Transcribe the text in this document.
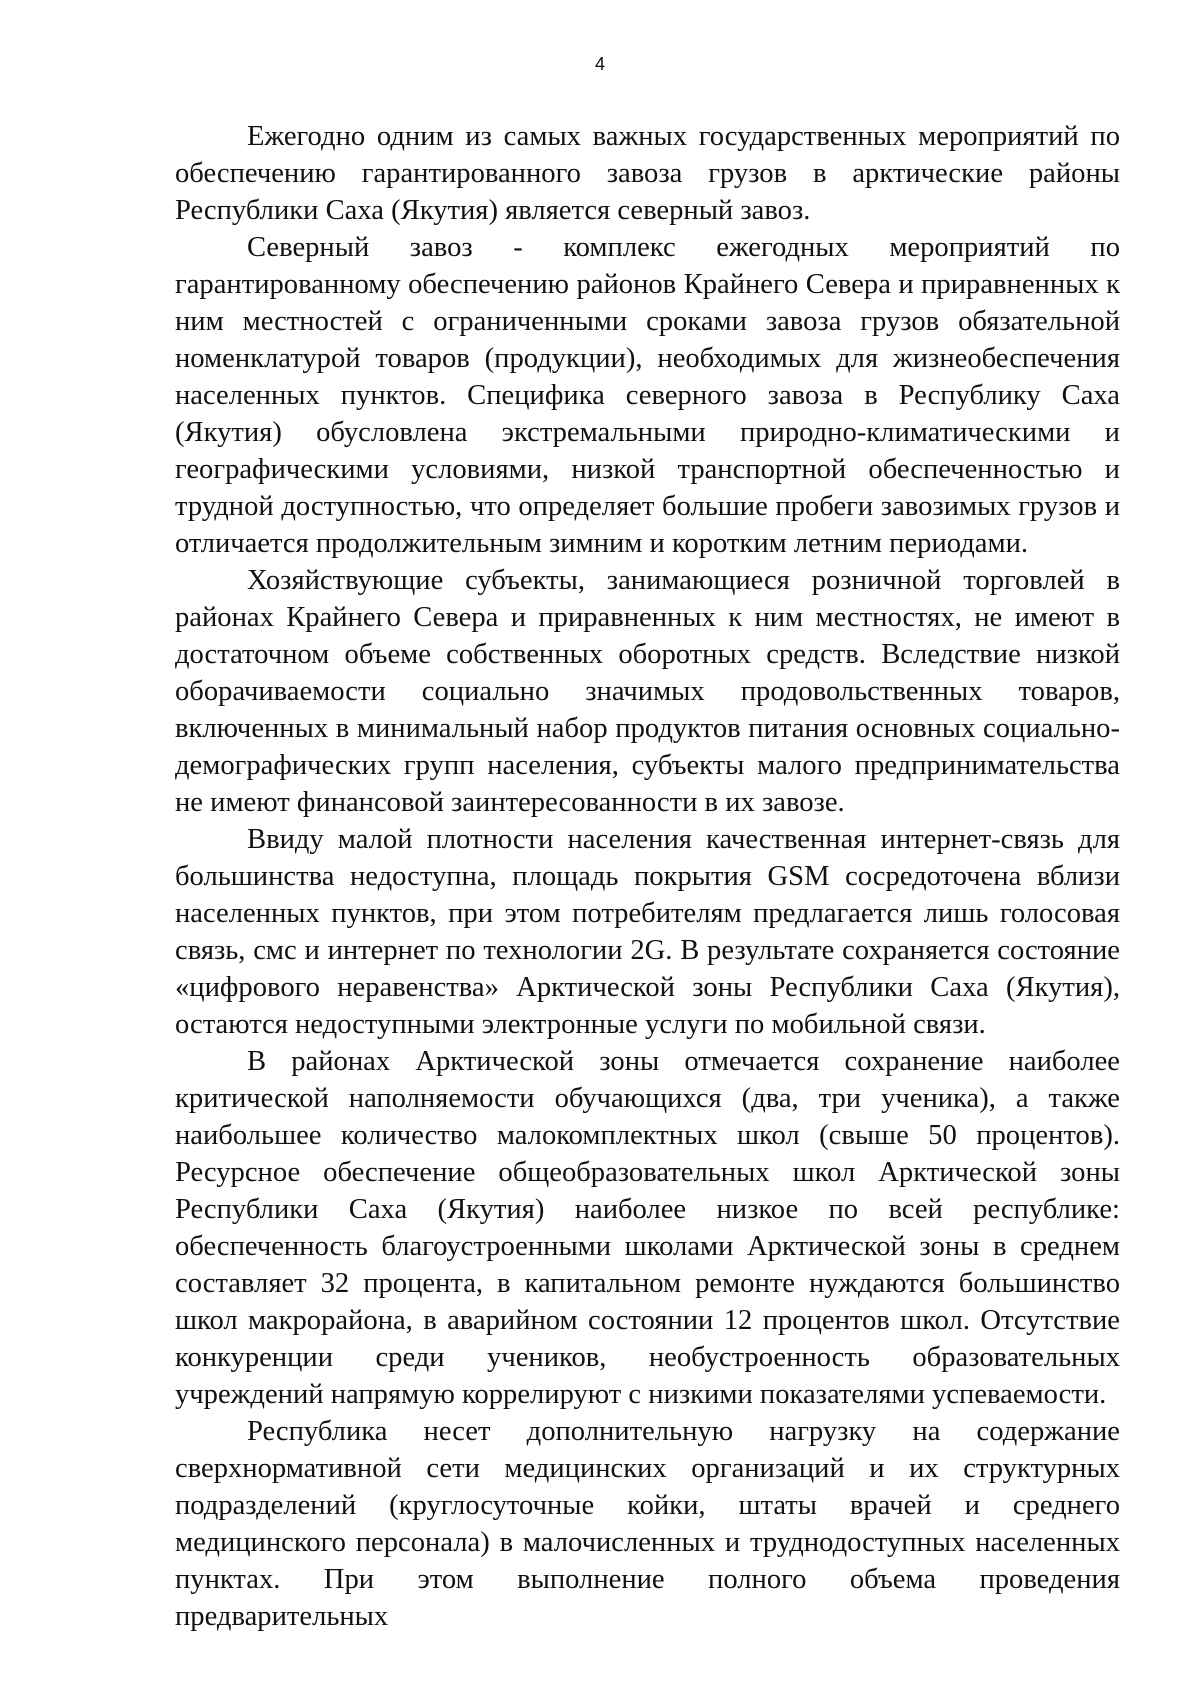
4

Ежегодно одним из самых важных государственных мероприятий по обеспечению гарантированного завоза грузов в арктические районы Республики Саха (Якутия) является северный завоз.

Северный завоз - комплекс ежегодных мероприятий по гарантированному обеспечению районов Крайнего Севера и приравненных к ним местностей с ограниченными сроками завоза грузов обязательной номенклатурой товаров (продукции), необходимых для жизнеобеспечения населенных пунктов. Специфика северного завоза в Республику Саха (Якутия) обусловлена экстремальными природно-климатическими и географическими условиями, низкой транспортной обеспеченностью и трудной доступностью, что определяет большие пробеги завозимых грузов и отличается продолжительным зимним и коротким летним периодами.

Хозяйствующие субъекты, занимающиеся розничной торговлей в районах Крайнего Севера и приравненных к ним местностях, не имеют в достаточном объеме собственных оборотных средств. Вследствие низкой оборачиваемости социально значимых продовольственных товаров, включенных в минимальный набор продуктов питания основных социально-демографических групп населения, субъекты малого предпринимательства не имеют финансовой заинтересованности в их завозе.

Ввиду малой плотности населения качественная интернет-связь для большинства недоступна, площадь покрытия GSM сосредоточена вблизи населенных пунктов, при этом потребителям предлагается лишь голосовая связь, смс и интернет по технологии 2G. В результате сохраняется состояние «цифрового неравенства» Арктической зоны Республики Саха (Якутия), остаются недоступными электронные услуги по мобильной связи.

В районах Арктической зоны отмечается сохранение наиболее критической наполняемости обучающихся (два, три ученика), а также наибольшее количество малокомплектных школ (свыше 50 процентов). Ресурсное обеспечение общеобразовательных школ Арктической зоны Республики Саха (Якутия) наиболее низкое по всей республике: обеспеченность благоустроенными школами Арктической зоны в среднем составляет 32 процента, в капитальном ремонте нуждаются большинство школ макрорайона, в аварийном состоянии 12 процентов школ. Отсутствие конкуренции среди учеников, необустроенность образовательных учреждений напрямую коррелируют с низкими показателями успеваемости.

Республика несет дополнительную нагрузку на содержание сверхнормативной сети медицинских организаций и их структурных подразделений (круглосуточные койки, штаты врачей и среднего медицинского персонала) в малочисленных и труднодоступных населенных пунктах. При этом выполнение полного объема проведения предварительных
